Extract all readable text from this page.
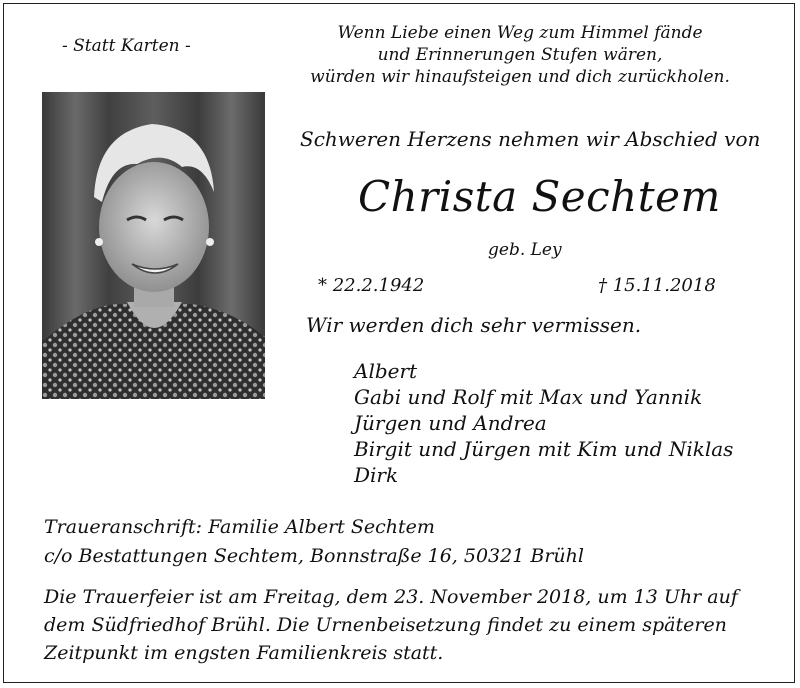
- Statt Karten -
Wenn Liebe einen Weg zum Himmel fände
und Erinnerungen Stufen wären,
würden wir hinaufsteigen und dich zurückholen.
Schweren Herzens nehmen wir Abschied von
Christa Sechtem
geb. Ley
* 22.2.1942	† 15.11.2018
Wir werden dich sehr vermissen.
Albert
Gabi und Rolf mit Max und Yannik
Jürgen und Andrea
Birgit und Jürgen mit Kim und Niklas
Dirk
Traueranschrift: Familie Albert Sechtem
c/o Bestattungen Sechtem, Bonnstraße 16, 50321 Brühl
Die Trauerfeier ist am Freitag, dem 23. November 2018, um 13 Uhr auf
dem Südfriedhof Brühl. Die Urnenbeisetzung findet zu einem späteren
Zeitpunkt im engsten Familienkreis statt.
